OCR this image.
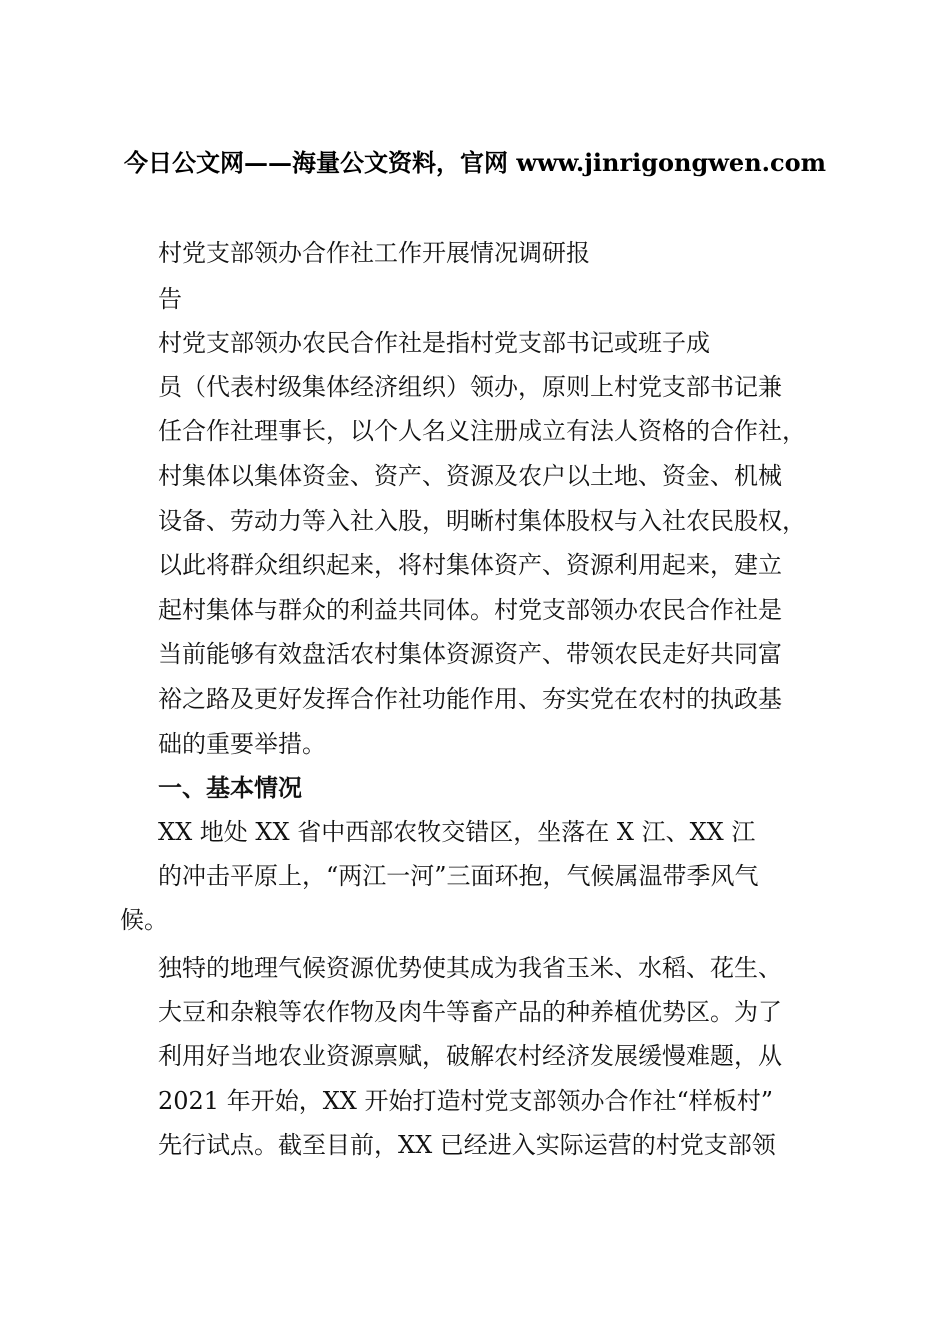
今日公文网——海量公文资料，官网 www.jinrigongwen.com
村党支部领办合作社工作开展情况调研报
告
村党支部领办农民合作社是指村党支部书记或班子成
员（代表村级集体经济组织）领办，原则上村党支部书记兼
任合作社理事长，以个人名义注册成立有法人资格的合作社，
村集体以集体资金、资产、资源及农户以土地、资金、机械
设备、劳动力等入社入股，明晰村集体股权与入社农民股权，
以此将群众组织起来，将村集体资产、资源利用起来，建立
起村集体与群众的利益共同体。村党支部领办农民合作社是
当前能够有效盘活农村集体资源资产、带领农民走好共同富
裕之路及更好发挥合作社功能作用、夯实党在农村的执政基
础的重要举措。
一、基本情况
XX 地处 XX 省中西部农牧交错区，坐落在 X 江、XX 江
的冲击平原上，“两江一河”三面环抱，气候属温带季风气
候。
独特的地理气候资源优势使其成为我省玉米、水稻、花生、
大豆和杂粮等农作物及肉牛等畜产品的种养植优势区。为了
利用好当地农业资源禀赋，破解农村经济发展缓慢难题，从
2021 年开始，XX 开始打造村党支部领办合作社“样板村”
先行试点。截至目前，XX 已经进入实际运营的村党支部领
